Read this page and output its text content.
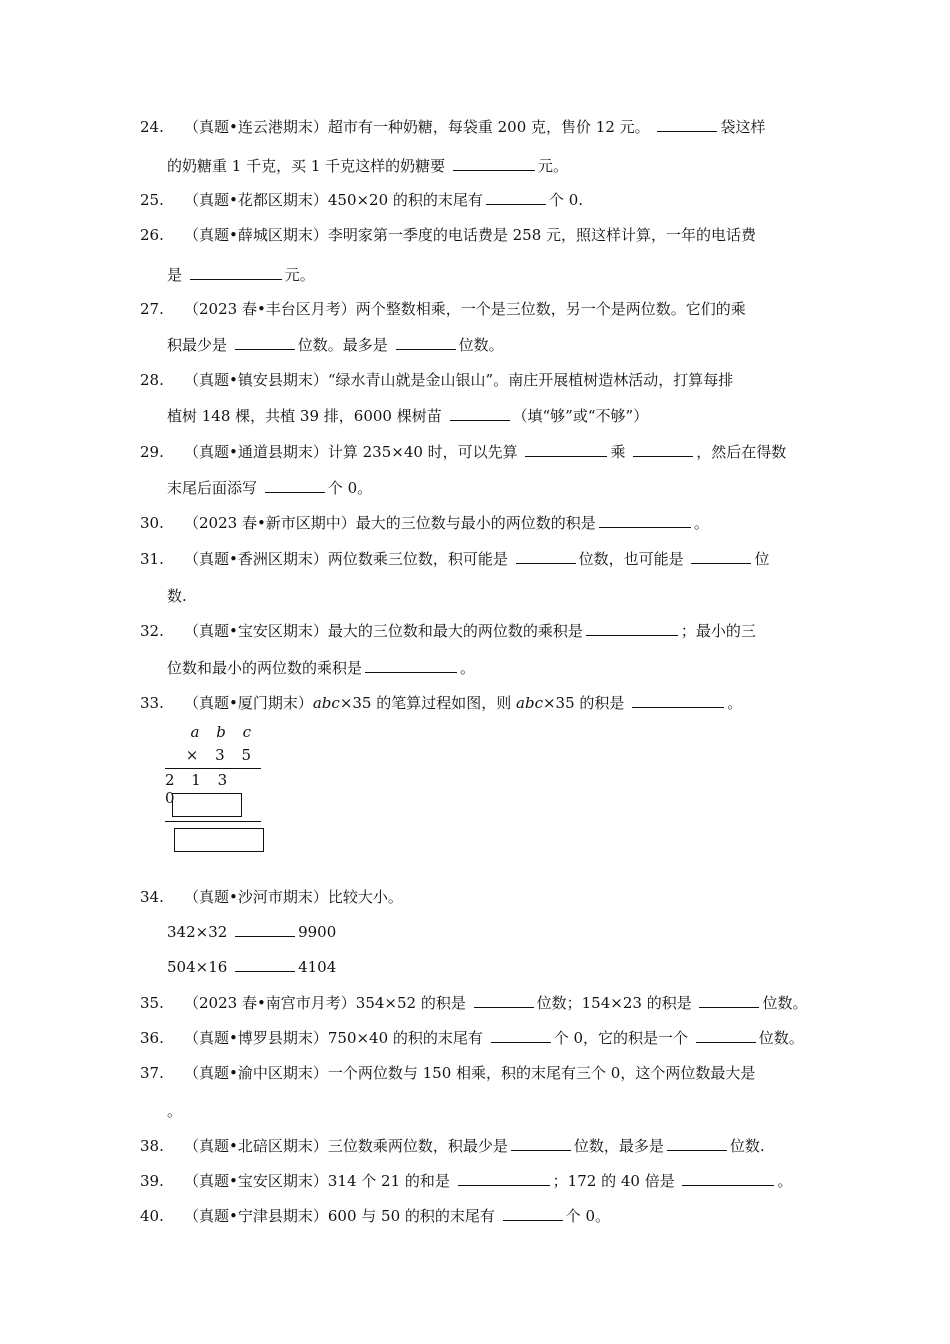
24. （真题•连云港期末）超市有一种奶糖，每袋重 200 克，售价 12 元。	袋这样
的奶糖重 1 千克，买 1 千克这样的奶糖要	元。
25. （真题•花都区期末）450×20 的积的末尾有	个 0.
26. （真题•薛城区期末）李明家第一季度的电话费是 258 元，照这样计算，一年的电话费
是	元。
27. （2023 春•丰台区月考）两个整数相乘，一个是三位数，另一个是两位数。它们的乘
积最少是	位数。最多是	位数。
28. （真题•镇安县期末）“绿水青山就是金山银山”。南庄开展植树造林活动，打算每排
植树 148 棵，共植 39 排，6000 棵树苗	（填“够”或“不够”）
29. （真题•通道县期末）计算 235×40 时，可以先算	乘	，然后在得数
末尾后面添写	个 0。
30. （2023 春•新市区期中）最大的三位数与最小的两位数的积是	。
31. （真题•香洲区期末）两位数乘三位数，积可能是	位数，也可能是	位
数.
32. （真题•宝安区期末）最大的三位数和最大的两位数的乘积是	；最小的三
位数和最小的两位数的乘积是	。
33. （真题•厦门期末）abc×35 的笔算过程如图，则 abc×35 的积是	。
a b c
× 3 5
2 1 3 0
34. （真题•沙河市期末）比较大小。
342×32	9900
504×16	4104
35. （2023 春•南宫市月考）354×52 的积是	位数；154×23 的积是	位数。
36. （真题•博罗县期末）750×40 的积的末尾有	个 0，它的积是一个	位数。
37. （真题•渝中区期末）一个两位数与 150 相乘，积的末尾有三个 0，这个两位数最大是
。
38. （真题•北碚区期末）三位数乘两位数，积最少是	位数，最多是	位数.
39. （真题•宝安区期末）314 个 21 的和是	；172 的 40 倍是	。
40. （真题•宁津县期末）600 与 50 的积的末尾有	个 0。
